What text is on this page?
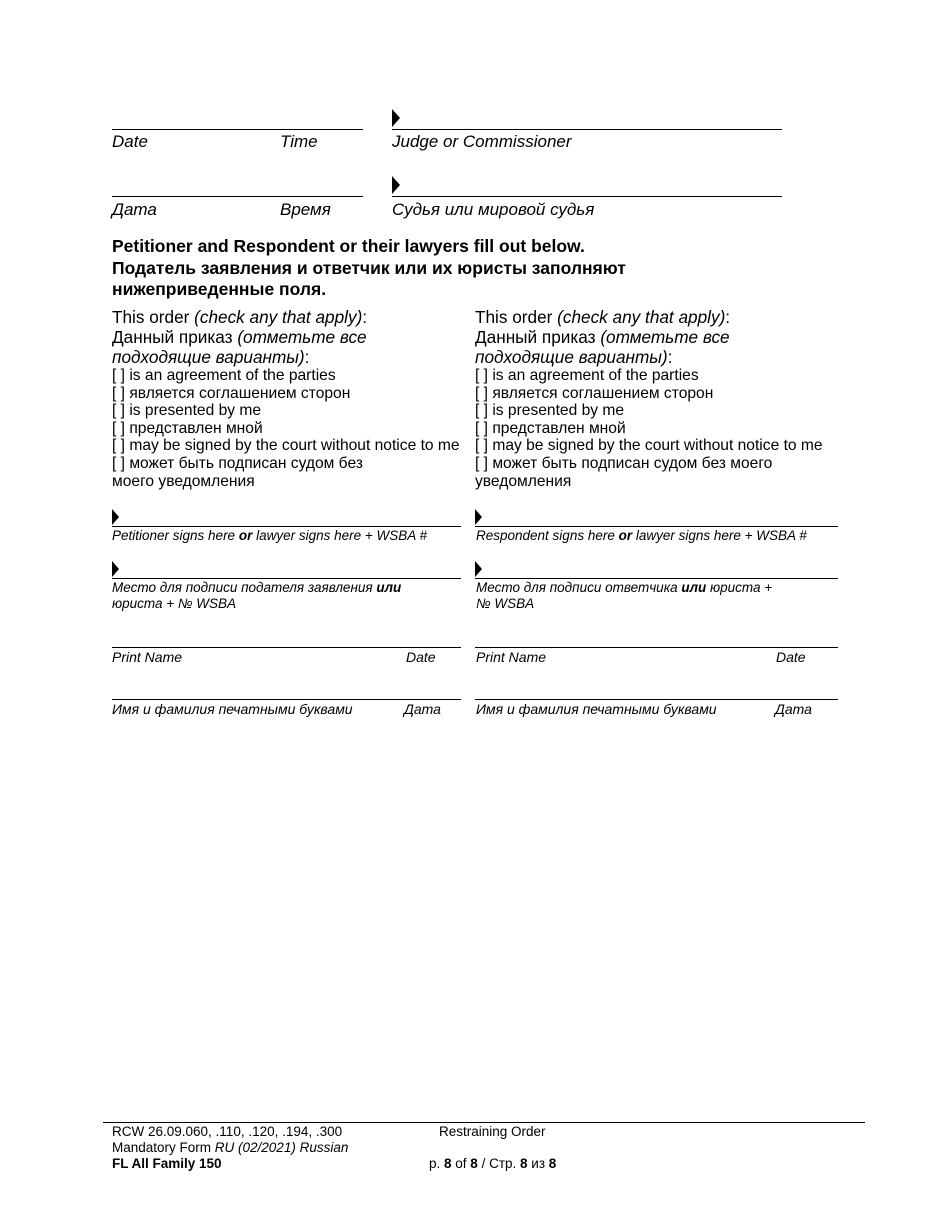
Date	Time	Judge or Commissioner
Дата	Время	Судья или мировой судья
Petitioner and Respondent or their lawyers fill out below.
Податель заявления и ответчик или их юристы заполняют
нижеприведенные поля.
This order (check any that apply):
Данный приказ (отметьте все
подходящие варианты):
[ ] is an agreement of the parties
[ ] является соглашением сторон
[ ] is presented by me
[ ] представлен мной
[ ] may be signed by the court without notice to me
[ ] может быть подписан судом без
моего уведомления
This order (check any that apply):
Данный приказ (отметьте все
подходящие варианты):
[ ] is an agreement of the parties
[ ] является соглашением сторон
[ ] is presented by me
[ ] представлен мной
[ ] may be signed by the court without notice to me
[ ] может быть подписан судом без моего
уведомления
Petitioner signs here or lawyer signs here + WSBA #
Место для подписи подателя заявления или
юриста + № WSBA
Print Name	Date
Имя и фамилия печатными буквами	Дата
Respondent signs here or lawyer signs here + WSBA #
Место для подписи ответчика или юриста +
№ WSBA
Print Name	Date
Имя и фамилия печатными буквами	Дата
RCW 26.09.060, .110, .120, .194, .300
Mandatory Form RU (02/2021) Russian
FL All Family 150
Restraining Order
p. 8 of 8 / Стр. 8 из 8
